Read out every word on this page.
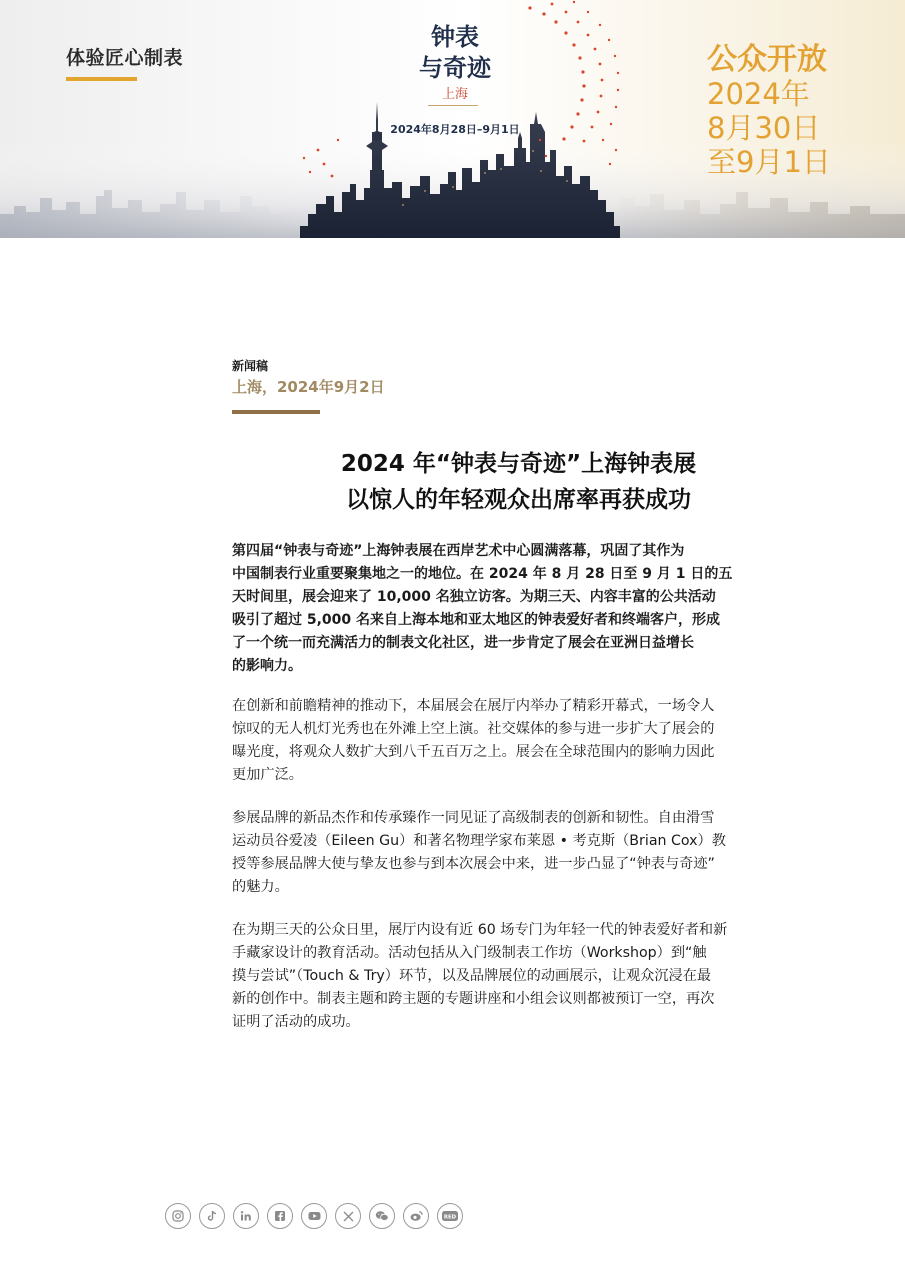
体验匠心制表
钟表
与奇迹
上海
2024年8月28日–9月1日
公众开放
2024年
8月30日
至9月1日
新闻稿
上海，2024年9月2日
2024 年“钟表与奇迹”上海钟表展
以惊人的年轻观众出席率再获成功
第四届“钟表与奇迹”上海钟表展在西岸艺术中心圆满落幕，巩固了其作为
中国制表行业重要聚集地之一的地位。在 2024 年 8 月 28 日至 9 月 1 日的五
天时间里，展会迎来了 10,000 名独立访客。为期三天、内容丰富的公共活动
吸引了超过 5,000 名来自上海本地和亚太地区的钟表爱好者和终端客户，形成
了一个统一而充满活力的制表文化社区，进一步肯定了展会在亚洲日益增长
的影响力。
在创新和前瞻精神的推动下，本届展会在展厅内举办了精彩开幕式，一场令人
惊叹的无人机灯光秀也在外滩上空上演。社交媒体的参与进一步扩大了展会的
曝光度，将观众人数扩大到八千五百万之上。展会在全球范围内的影响力因此
更加广泛。
参展品牌的新品杰作和传承臻作一同见证了高级制表的创新和韧性。自由滑雪
运动员谷爱凌（Eileen Gu）和著名物理学家布莱恩 • 考克斯（Brian Cox）教
授等参展品牌大使与挚友也参与到本次展会中来，进一步凸显了“钟表与奇迹”
的魅力。
在为期三天的公众日里，展厅内设有近 60 场专门为年轻一代的钟表爱好者和新
手藏家设计的教育活动。活动包括从入门级制表工作坊（Workshop）到“触
摸与尝试”（Touch & Try）环节，以及品牌展位的动画展示，让观众沉浸在最
新的创作中。制表主题和跨主题的专题讲座和小组会议则都被预订一空，再次
证明了活动的成功。
RED
